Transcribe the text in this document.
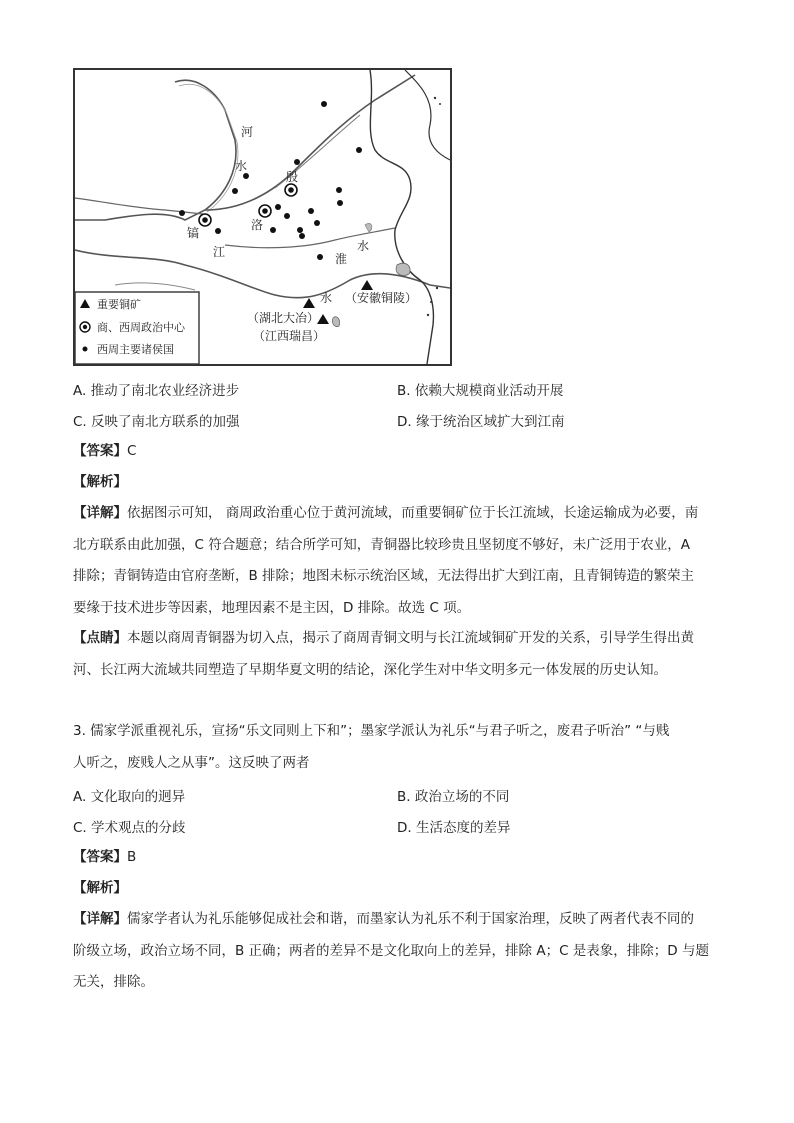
河
水
殷
洛
镐
江	淮
水
水 （安徽铜陵）
（湖北大冶）
（江西瑞昌）
重要铜矿
商、西周政治中心
西周主要诸侯国
A. 推动了南北农业经济进步	B. 依赖大规模商业活动开展
C. 反映了南北方联系的加强	D. 缘于统治区域扩大到江南
【答案】C
【解析】
【详解】依据图示可知， 商周政治重心位于黄河流域，而重要铜矿位于长江流域，长途运输成为必要，南
北方联系由此加强，C 符合题意；结合所学可知，青铜器比较珍贵且坚韧度不够好，未广泛用于农业，A
排除；青铜铸造由官府垄断，B 排除；地图未标示统治区域，无法得出扩大到江南，且青铜铸造的繁荣主
要缘于技术进步等因素，地理因素不是主因，D 排除。故选 C 项。
【点睛】本题以商周青铜器为切入点，揭示了商周青铜文明与长江流域铜矿开发的关系，引导学生得出黄
河、长江两大流域共同塑造了早期华夏文明的结论，深化学生对中华文明多元一体发展的历史认知。
3. 儒家学派重视礼乐，宣扬“乐文同则上下和”；墨家学派认为礼乐“与君子听之，废君子听治” “与贱
人听之，废贱人之从事”。这反映了两者
A. 文化取向的迥异	B. 政治立场的不同
C. 学术观点的分歧	D. 生活态度的差异
【答案】B
【解析】
【详解】儒家学者认为礼乐能够促成社会和谐，而墨家认为礼乐不利于国家治理，反映了两者代表不同的
阶级立场，政治立场不同，B 正确；两者的差异不是文化取向上的差异，排除 A；C 是表象，排除；D 与题
无关，排除。
